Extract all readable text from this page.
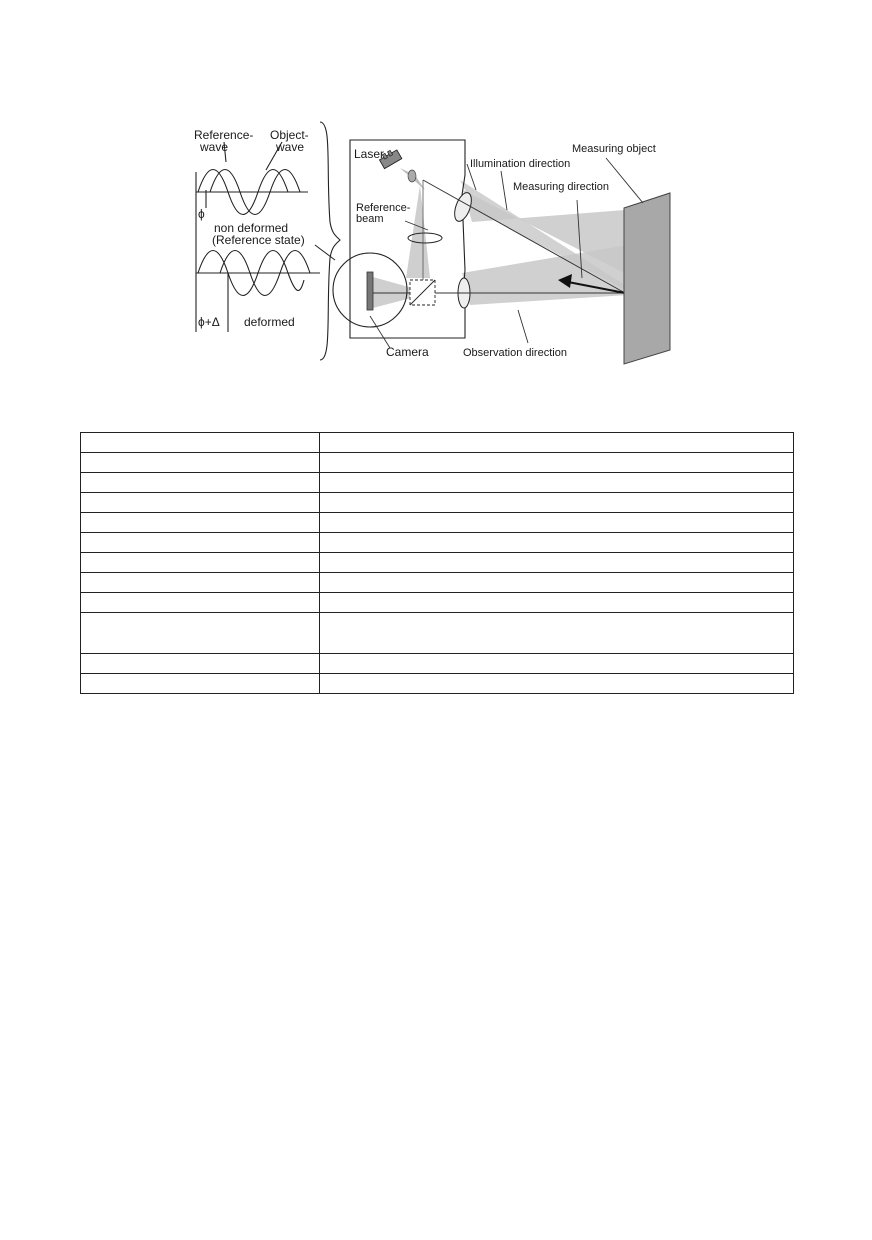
Reference-
wave
Object-
wave
ϕ
non deformed
(Reference state)
ϕ+Δ deformed
Laser
Reference-
beam
Camera
Illumination direction
Measuring direction
Measuring object
Observation direction
